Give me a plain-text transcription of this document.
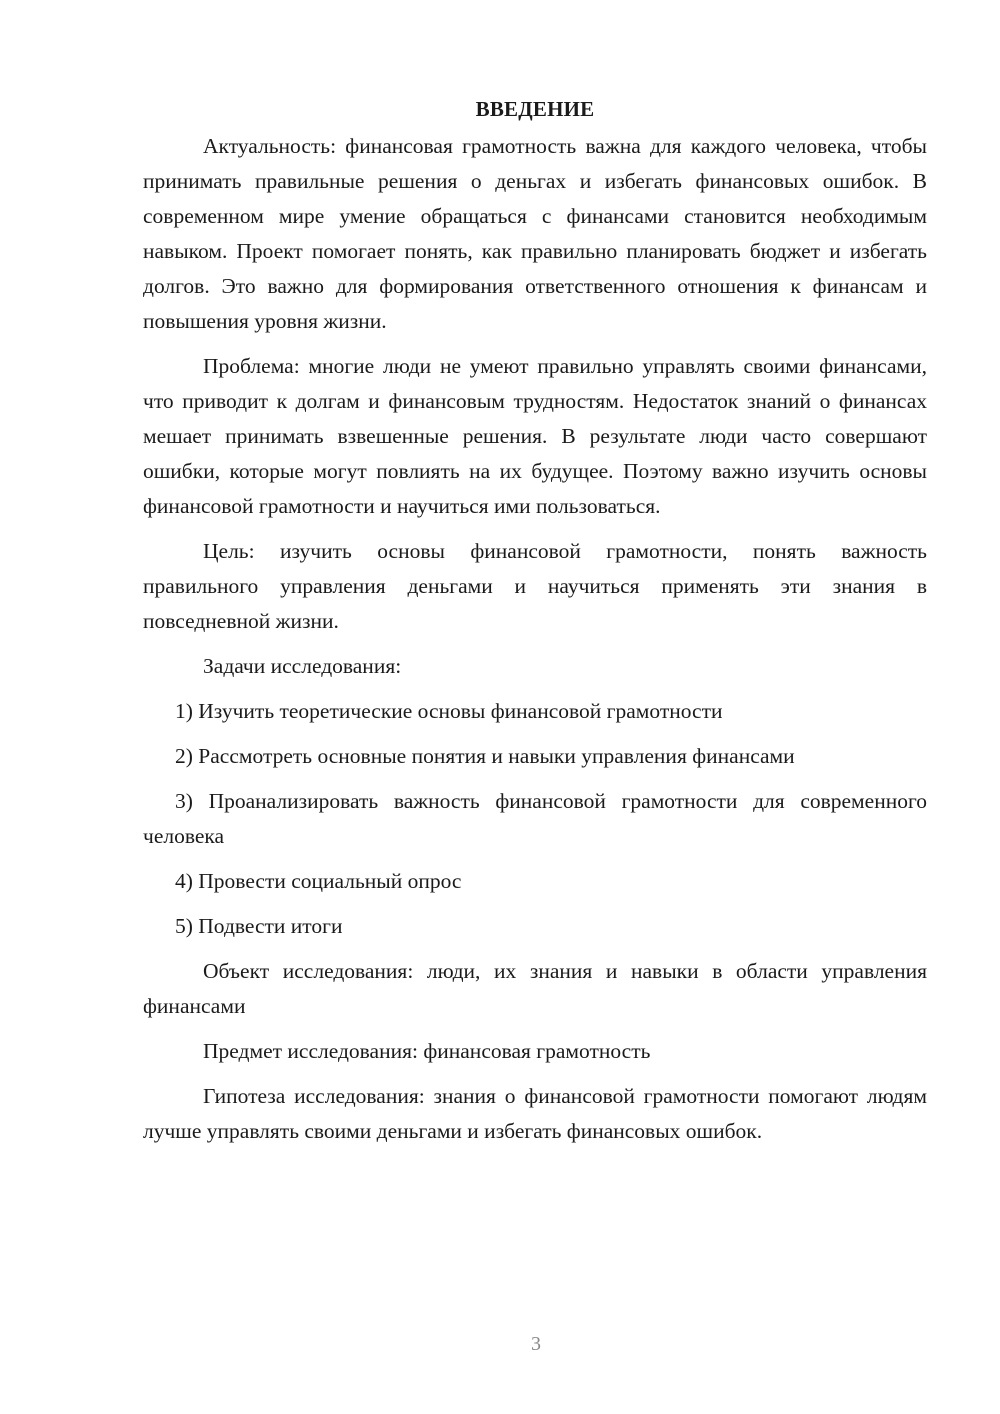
ВВЕДЕНИЕ

Актуальность: финансовая грамотность важна для каждого человека, чтобы принимать правильные решения о деньгах и избегать финансовых ошибок. В современном мире умение обращаться с финансами становится необходимым навыком. Проект помогает понять, как правильно планировать бюджет и избегать долгов. Это важно для формирования ответственного отношения к финансам и повышения уровня жизни.

Проблема: многие люди не умеют правильно управлять своими финансами, что приводит к долгам и финансовым трудностям. Недостаток знаний о финансах мешает принимать взвешенные решения. В результате люди часто совершают ошибки, которые могут повлиять на их будущее. Поэтому важно изучить основы финансовой грамотности и научиться ими пользоваться.

Цель: изучить основы финансовой грамотности, понять важность правильного управления деньгами и научиться применять эти знания в повседневной жизни.

Задачи исследования:

1) Изучить теоретические основы финансовой грамотности

2) Рассмотреть основные понятия и навыки управления финансами

3) Проанализировать важность финансовой грамотности для современного человека

4) Провести социальный опрос

5) Подвести итоги

Объект исследования: люди, их знания и навыки в области управления финансами

Предмет исследования: финансовая грамотность

Гипотеза исследования: знания о финансовой грамотности помогают людям лучше управлять своими деньгами и избегать финансовых ошибок.

3
